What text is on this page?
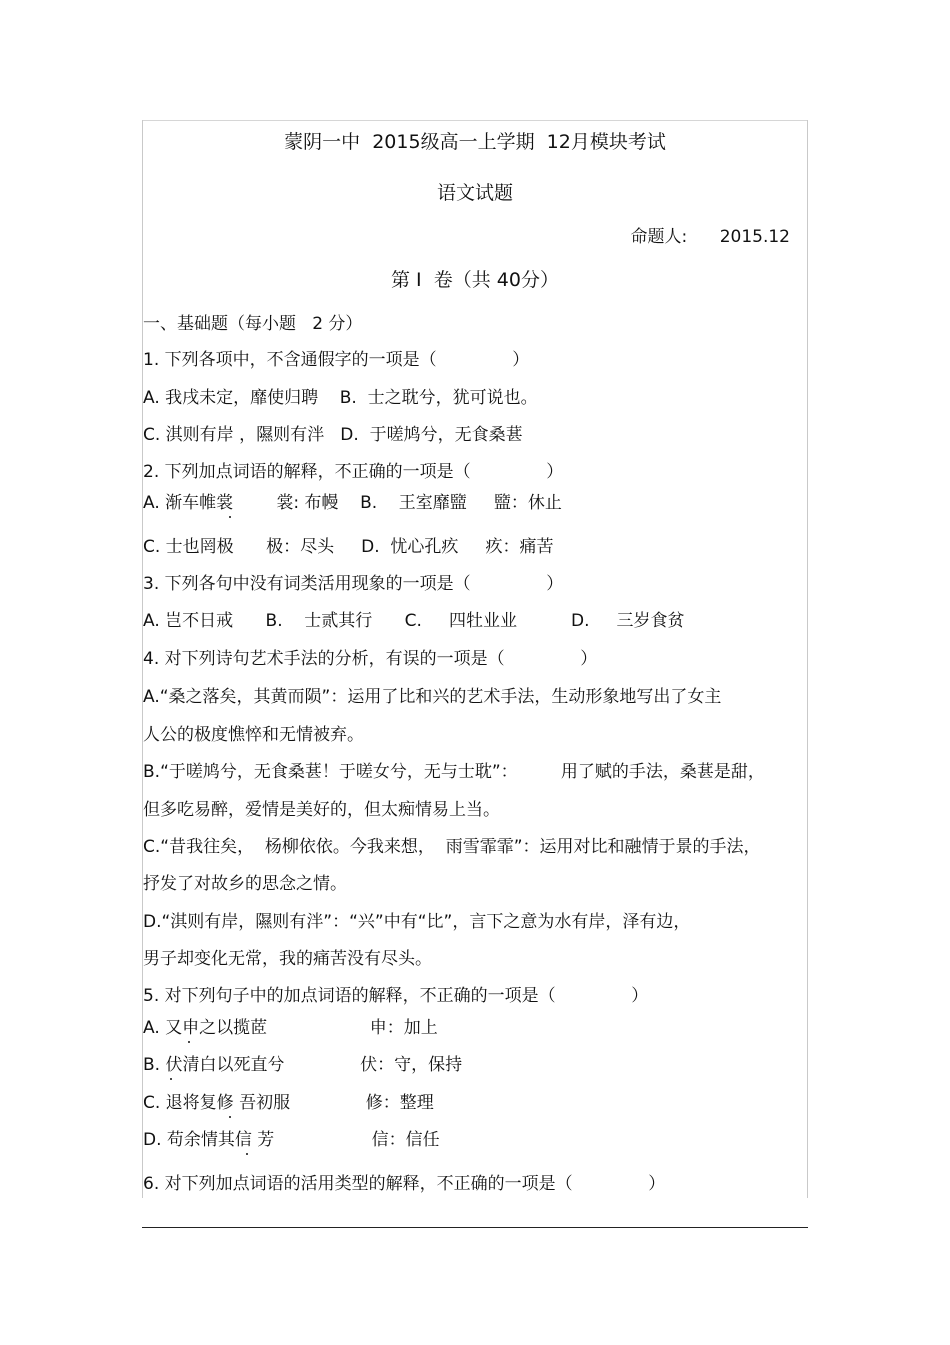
蒙阴一中  2015级高一上学期  12月模块考试
语文试题
命题人:      2015.12
第 I  卷（共 40分）
一、基础题（每小题   2 分）
1. 下列各项中，不含通假字的一项是（              ）
A. 我戌未定，靡使归聘    B.  士之耽兮，犹可说也。
C. 淇则有岸 ，隰则有泮   D.  于嗟鸠兮，无食桑葚
2. 下列加点词语的解释，不正确的一项是（              ）
A. 渐车帷裳        裳: 布幔    B.    王室靡盬     盬：休止
C. 士也罔极      极：尽头     D.  忧心孔疚     疚：痛苦
3. 下列各句中没有词类活用现象的一项是（              ）
A. 岂不日戒      B.    士贰其行      C.     四牡业业          D.     三岁食贫
4. 对下列诗句艺术手法的分析，有误的一项是（              ）
A.“桑之落矣，其黄而陨”：运用了比和兴的艺术手法，生动形象地写出了女主
人公的极度憔悴和无情被弃。
B.“于嗟鸠兮，无食桑葚！于嗟女兮，无与士耽”：        用了赋的手法，桑葚是甜，
但多吃易醉，爱情是美好的，但太痴情易上当。
C.“昔我往矣，  杨柳依依。今我来想，  雨雪霏霏”：运用对比和融情于景的手法，
抒发了对故乡的思念之情。
D.“淇则有岸，隰则有泮”：“兴”中有“比”，言下之意为水有岸，泽有边，
男子却变化无常，我的痛苦没有尽头。
5. 对下列句子中的加点词语的解释，不正确的一项是（              ）
A. 又申之以揽茝                   申：加上
B. 伏清白以死直兮              伏：守，保持
C. 退将复修 吾初服              修：整理
D. 苟余情其信 芳                  信：信任
6. 对下列加点词语的活用类型的解释，不正确的一项是（              ）
